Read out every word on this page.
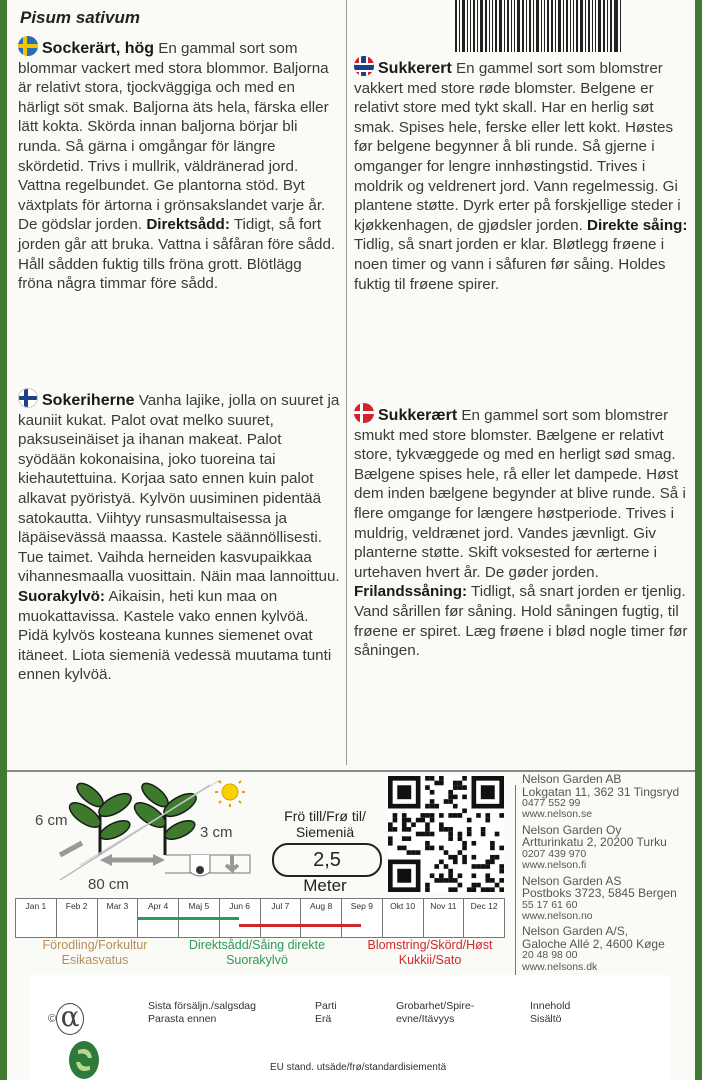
Pisum sativum
Sockerärt, hög En gammal sort som blommar vackert med stora blommor. Baljorna är relativt stora, tjockväggiga och med en härligt söt smak. Baljorna äts hela, färska eller lätt kokta. Skörda innan baljorna börjar bli runda. Så gärna i omgångar för längre skördetid. Trivs i mullrik, väldränerad jord. Vattna regelbundet. Ge plantorna stöd. Byt växtplats för ärtorna i grönsakslandet varje år. De gödslar jorden. Direktsådd: Tidigt, så fort jorden går att bruka. Vattna i såfåran före sådd. Håll sådden fuktig tills fröna grott. Blötlägg fröna några timmar före sådd.
Sukkerert En gammel sort som blomstrer vakkert med store røde blomster. Belgene er relativt store med tykt skall. Har en herlig søt smak. Spises hele, ferske eller lett kokt. Høstes før belgene begynner å bli runde. Så gjerne i omganger for lengre innhøstingstid. Trives i moldrik og veldrenert jord. Vann regelmessig. Gi plantene støtte. Dyrk erter på forskjellige steder i kjøkkenhagen, de gjødsler jorden. Direkte såing: Tidlig, så snart jorden er klar. Bløtlegg frøene i noen timer og vann i såfuren før såing. Holdes fuktig til frøene spirer.
Sokeriherne Vanha lajike, jolla on suuret ja kauniit kukat. Palot ovat melko suuret, paksuseinäiset ja ihanan makeat. Palot syödään kokonaisina, joko tuoreina tai kiehautettuina. Korjaa sato ennen kuin palot alkavat pyöristyä. Kylvön uusiminen pidentää satokautta. Viihtyy runsasmultaisessa ja läpäisevässä maassa. Kastele säännöllisesti. Tue taimet. Vaihda herneiden kasvupaikkaa vihannesmaalla vuosittain. Näin maa lannoittuu. Suorakylvö: Aikaisin, heti kun maa on muokattavissa. Kastele vako ennen kylvöä. Pidä kylvös kosteana kunnes siemenet ovat itäneet. Liota siemeniä vedessä muutama tunti ennen kylvöä.
Sukkerært En gammel sort som blomstrer smukt med store blomster. Bælgene er relativt store, tykvæggede og med en herligt sød smag. Bælgene spises hele, rå eller let dampede. Høst dem inden bælgene begynder at blive runde. Så i flere omgange for længere høstperiode. Trives i muldrig, veldrænet jord. Vandes jævnligt. Giv planterne støtte. Skift voksested for ærterne i urtehaven hvert år. De gøder jorden. Frilandssåning: Tidligt, så snart jorden er tjenlig. Vand sårillen før såning. Hold såningen fugtig, til frøene er spiret. Læg frøene i blød nogle timer før såningen.
6 cm
80 cm
3 cm
Frö till/Frø til/ Siemeniä
2,5
Meter
Nelson Garden AB
Lokgatan 11, 362 31 Tingsryd
0477 552 99
www.nelson.se
Nelson Garden Oy
Artturinkatu 2, 20200 Turku
0207 439 970
www.nelson.fi
Nelson Garden AS
Postboks 3723, 5845 Bergen
55 17 61 60
www.nelson.no
Nelson Garden A/S,
Galoche Allé 2, 4600 Køge
20 48 98 00
www.nelsons.dk
Jan 1	Feb 2	Mar 3	Apr 4	Maj 5	Jun 6	Jul 7	Aug 8	Sep 9	Okt 10	Nov 11	Dec 12
Förodling/Forkultur Esikasvatus
Direktsådd/Såing direkte Suorakylvö
Blomstring/Skörd/Høst Kukkii/Sato
© α	Sista försäljn./salgsdag Parasta ennen
Parti Erä
Grobarhet/Spire- evne/Itävyys
Innehold Sisältö
EU stand. utsäde/frø/standardisiementä
